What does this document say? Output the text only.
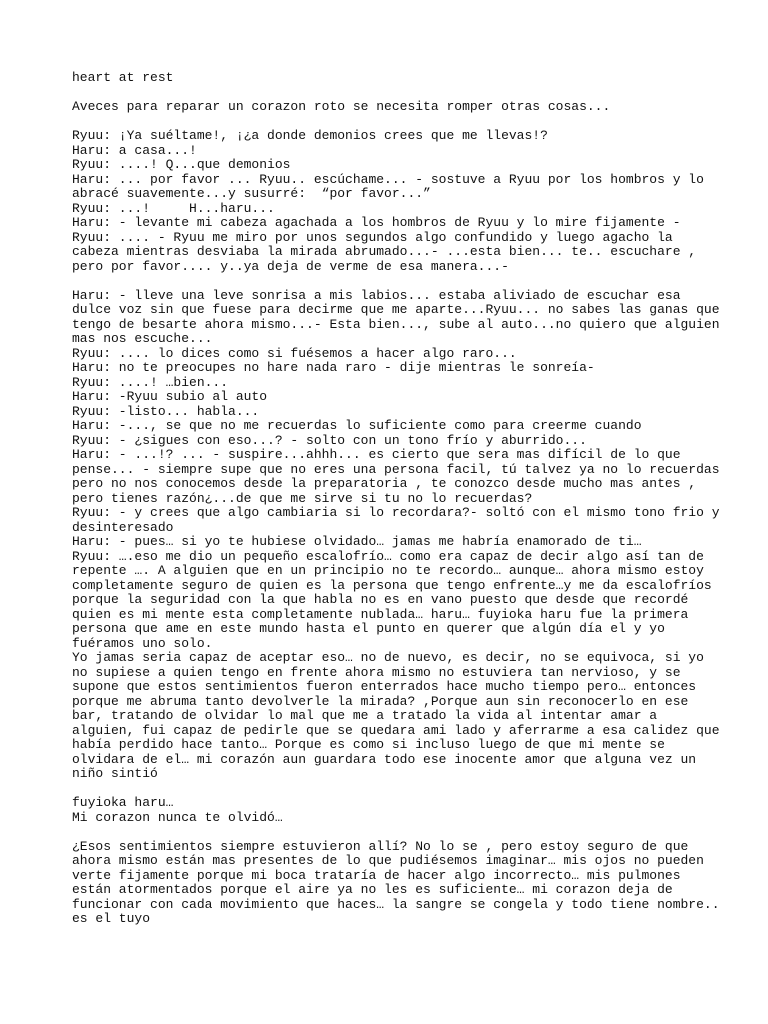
heart at rest
Aveces para reparar un corazon roto se necesita romper otras cosas...
Ryuu: ¡Ya suéltame!, ¡¿a donde demonios crees que me llevas!?
Haru: a casa...!
Ryuu: ....! Q...que demonios
Haru: ... por favor ... Ryuu.. escúchame... - sostuve a Ryuu por los hombros y lo
abracé suavemente...y susurré:  “por favor...”
Ryuu: ...!     H...haru...
Haru: - levante mi cabeza agachada a los hombros de Ryuu y lo mire fijamente -
Ryuu: .... - Ryuu me miro por unos segundos algo confundido y luego agacho la
cabeza mientras desviaba la mirada abrumado...- ...esta bien... te.. escuchare ,
pero por favor.... y..ya deja de verme de esa manera...-
Haru: - lleve una leve sonrisa a mis labios... estaba aliviado de escuchar esa
dulce voz sin que fuese para decirme que me aparte...Ryuu... no sabes las ganas que
tengo de besarte ahora mismo...- Esta bien..., sube al auto...no quiero que alguien
mas nos escuche...
Ryuu: .... lo dices como si fuésemos a hacer algo raro...
Haru: no te preocupes no hare nada raro - dije mientras le sonreía-
Ryuu: ....! …bien...
Haru: -Ryuu subio al auto
Ryuu: -listo... habla...
Haru: -..., se que no me recuerdas lo suficiente como para creerme cuando
Ryuu: - ¿sigues con eso...? - solto con un tono frío y aburrido...
Haru: - ...!? ... - suspire...ahhh... es cierto que sera mas difícil de lo que
pense... - siempre supe que no eres una persona facil, tú talvez ya no lo recuerdas
pero no nos conocemos desde la preparatoria , te conozco desde mucho mas antes ,
pero tienes razón¿...de que me sirve si tu no lo recuerdas?
Ryuu: - y crees que algo cambiaria si lo recordara?- soltó con el mismo tono frio y
desinteresado
Haru: - pues… si yo te hubiese olvidado… jamas me habría enamorado de ti…
Ryuu: ….eso me dio un pequeño escalofrío… como era capaz de decir algo así tan de
repente …. A alguien que en un principio no te recordo… aunque… ahora mismo estoy
completamente seguro de quien es la persona que tengo enfrente…y me da escalofríos
porque la seguridad con la que habla no es en vano puesto que desde que recordé
quien es mi mente esta completamente nublada… haru… fuyioka haru fue la primera
persona que ame en este mundo hasta el punto en querer que algún día el y yo
fuéramos uno solo.
Yo jamas seria capaz de aceptar eso… no de nuevo, es decir, no se equivoca, si yo
no supiese a quien tengo en frente ahora mismo no estuviera tan nervioso, y se
supone que estos sentimientos fueron enterrados hace mucho tiempo pero… entonces
porque me abruma tanto devolverle la mirada? ,Porque aun sin reconocerlo en ese
bar, tratando de olvidar lo mal que me a tratado la vida al intentar amar a
alguien, fui capaz de pedirle que se quedara ami lado y aferrarme a esa calidez que
había perdido hace tanto… Porque es como si incluso luego de que mi mente se
olvidara de el… mi corazón aun guardara todo ese inocente amor que alguna vez un
niño sintió
fuyioka haru…
Mi corazon nunca te olvidó…
¿Esos sentimientos siempre estuvieron allí? No lo se , pero estoy seguro de que
ahora mismo están mas presentes de lo que pudiésemos imaginar… mis ojos no pueden
verte fijamente porque mi boca trataría de hacer algo incorrecto… mis pulmones
están atormentados porque el aire ya no les es suficiente… mi corazon deja de
funcionar con cada movimiento que haces… la sangre se congela y todo tiene nombre..
es el tuyo
